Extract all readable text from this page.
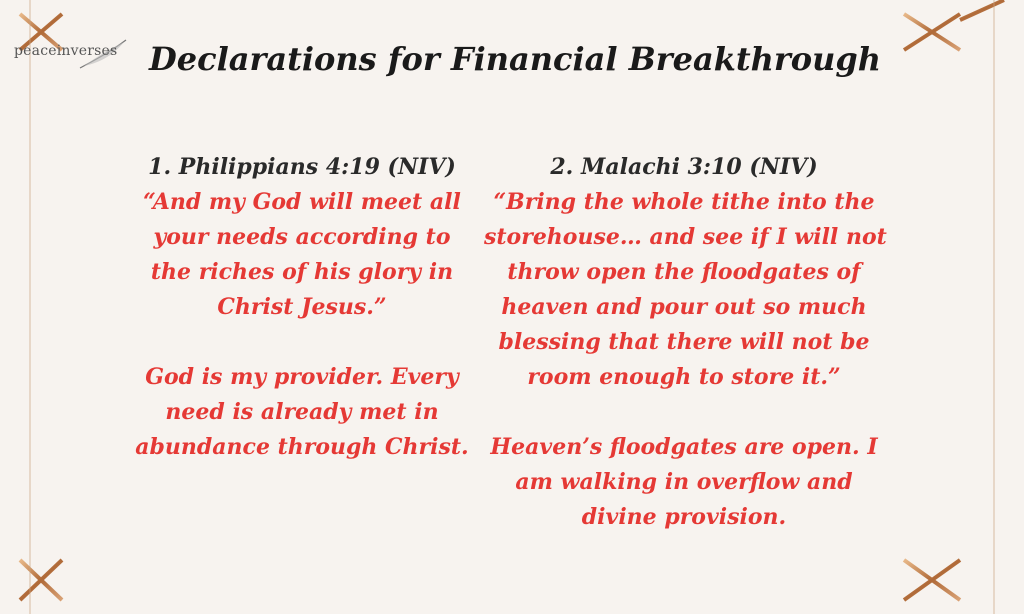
peaceinverses Declarations for Financial Breakthrough
1. Philippians 4:19 (NIV)
“And my God will meet all
your needs according to
the riches of his glory in
Christ Jesus.”
God is my provider. Every
need is already met in
abundance through Christ.
2. Malachi 3:10 (NIV)
“Bring the whole tithe into the
storehouse… and see if I will not
throw open the floodgates of
heaven and pour out so much
blessing that there will not be
room enough to store it.”
Heaven’s floodgates are open. I
am walking in overflow and
divine provision.
